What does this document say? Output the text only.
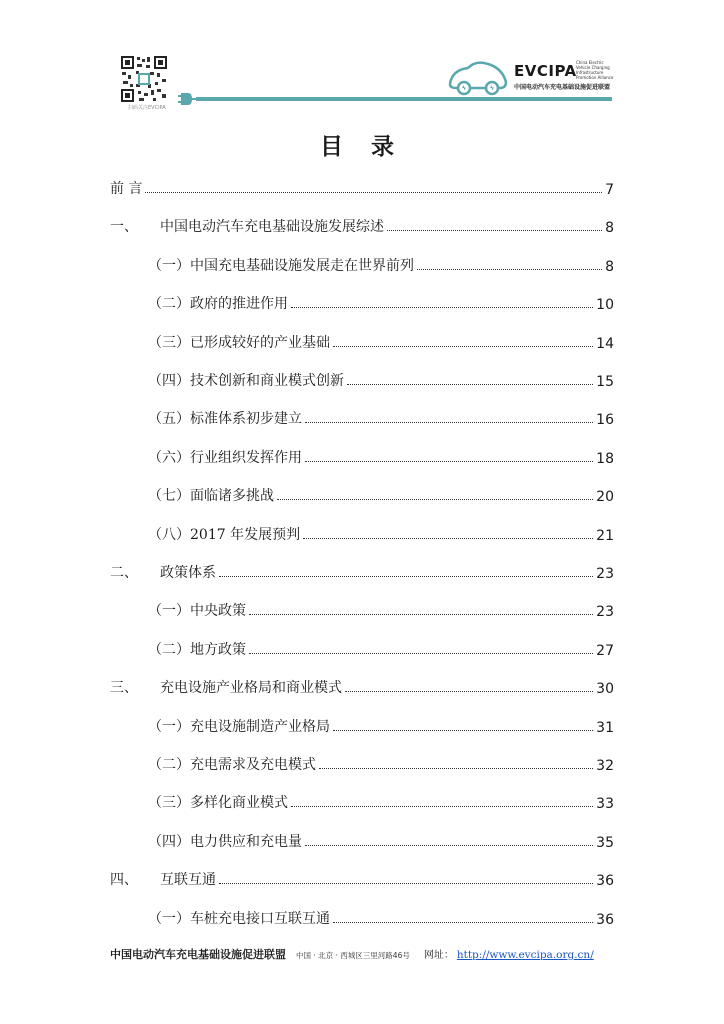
扫码关注EVCIPA
EVCIPA China Electric Vehicle Charging Infrastructure Promotion Alliance
中国电动汽车充电基础设施促进联盟
目 录
前 言	7
一、 中国电动汽车充电基础设施发展综述	8
（一）中国充电基础设施发展走在世界前列	8
（二）政府的推进作用	10
（三）已形成较好的产业基础	14
（四）技术创新和商业模式创新	15
（五）标准体系初步建立	16
（六）行业组织发挥作用	18
（七）面临诸多挑战	20
（八）2017 年发展预判	21
二、 政策体系	23
（一）中央政策	23
（二）地方政策	27
三、 充电设施产业格局和商业模式	30
（一）充电设施制造产业格局	31
（二）充电需求及充电模式	32
（三）多样化商业模式	33
（四）电力供应和充电量	35
四、 互联互通	36
（一）车桩充电接口互联互通	36
中国电动汽车充电基础设施促进联盟 中国 · 北京 · 西城区三里河路46号 网址： http://www.evcipa.org.cn/
